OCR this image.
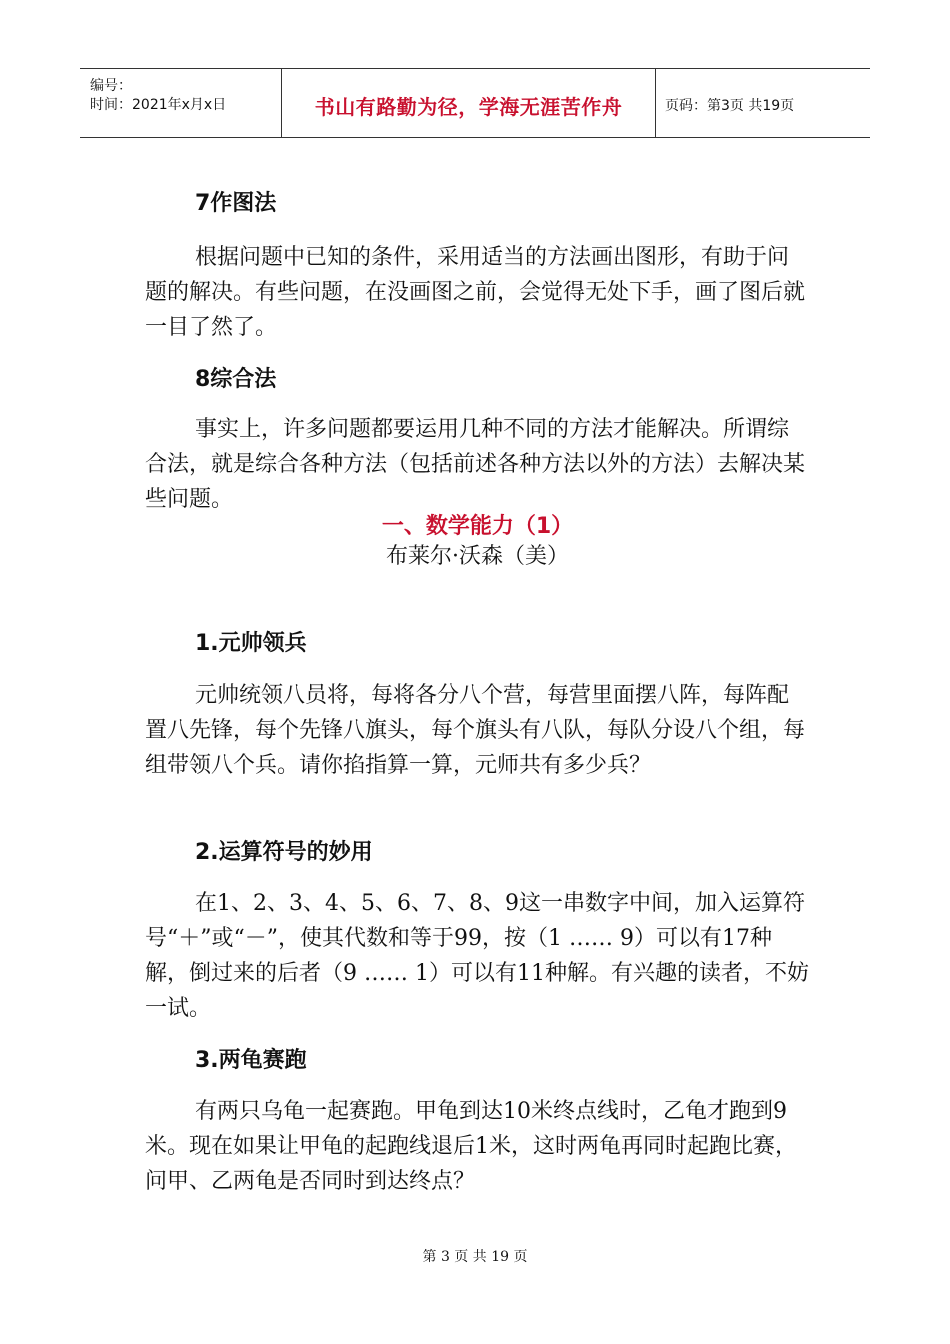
编号：
时间：2021年x月x日	书山有路勤为径，学海无涯苦作舟	页码：第3页 共19页
7作图法

根据问题中已知的条件，采用适当的方法画出图形，有助于问题的解决。有些问题，在没画图之前，会觉得无处下手，画了图后就一目了然了。

8综合法

事实上，许多问题都要运用几种不同的方法才能解决。所谓综合法，就是综合各种方法（包括前述各种方法以外的方法）去解决某些问题。

一、数学能力（1）
布莱尔·沃森（美）
1.元帅领兵

元帅统领八员将，每将各分八个营，每营里面摆八阵，每阵配置八先锋，每个先锋八旗头，每个旗头有八队，每队分设八个组，每组带领八个兵。请你掐指算一算，元师共有多少兵？

2.运算符号的妙用

在1、2、3、4、5、6、7、8、9这一串数字中间，加入运算符号“＋”或“－”，使其代数和等于99，按（1 …… 9）可以有17种解，倒过来的后者（9 …… 1）可以有11种解。有兴趣的读者，不妨一试。

3.两龟赛跑

有两只乌龟一起赛跑。甲龟到达10米终点线时，乙龟才跑到9米。现在如果让甲龟的起跑线退后1米，这时两龟再同时起跑比赛，问甲、乙两龟是否同时到达终点？

第 3 页 共 19 页
